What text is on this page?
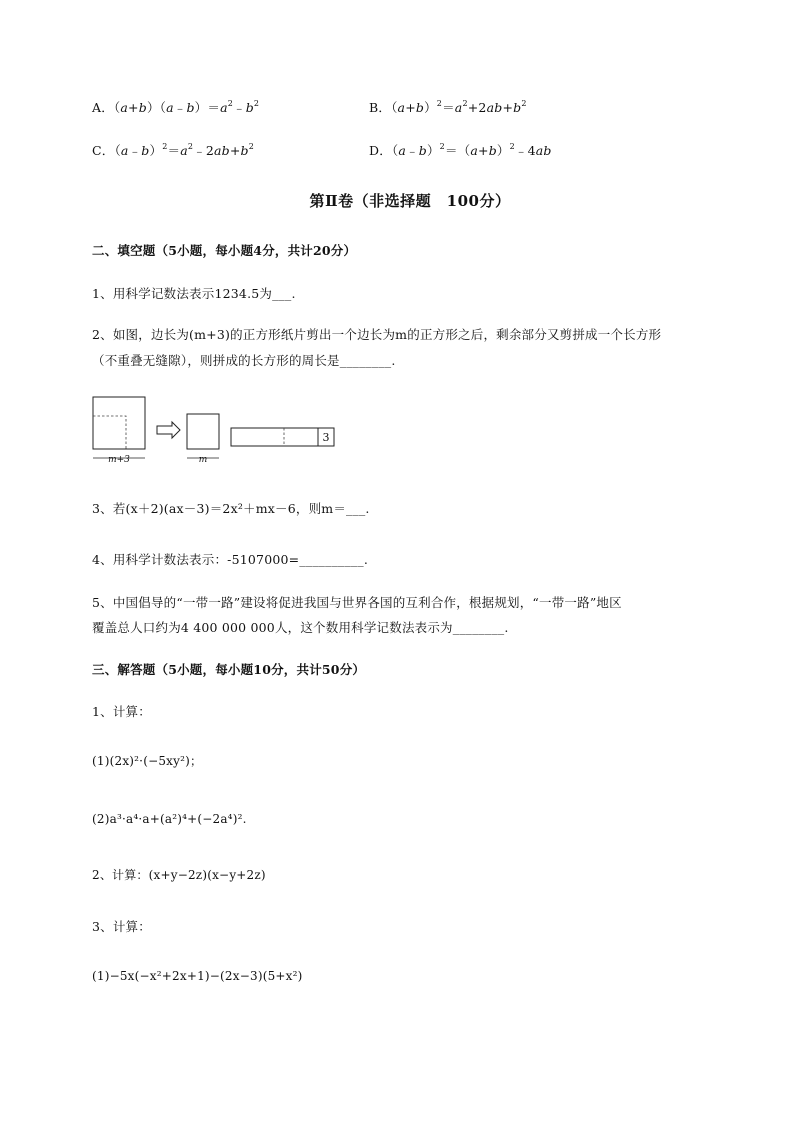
A．$(a+b)(a﹣b)=a^2﹣b^2$	B．$(a+b)^2=a^2+2ab+b^2$
C．$(a﹣b)^2=a^2﹣2ab+b^2$	D．$(a﹣b)^2=(a+b)^2﹣4ab$
第Ⅱ卷（非选择题　100分）
二、填空题（5小题，每小题4分，共计20分）
1、用科学记数法表示1234.5为___.
2、如图，边长为(m+3)的正方形纸片剪出一个边长为m的正方形之后，剩余部分又剪拼成一个长方形
（不重叠无缝隙），则拼成的长方形的周长是________.
m+3	m
3
3、若(x＋2)(ax－3)＝2x²＋mx－6，则m＝___.
4、用科学计数法表示：-5107000=__________.
5、中国倡导的“一带一路”建设将促进我国与世界各国的互利合作，根据规划，“一带一路”地区
覆盖总人口约为4 400 000 000人，这个数用科学记数法表示为________.
三、解答题（5小题，每小题10分，共计50分）
1、计算：
(1)(2x)²·(−5xy²)；
(2)a³·a⁴·a+(a²)⁴+(−2a⁴)².
2、计算：(x+y−2z)(x−y+2z)
3、计算：
(1)−5x(−x²+2x+1)−(2x−3)(5+x²)
